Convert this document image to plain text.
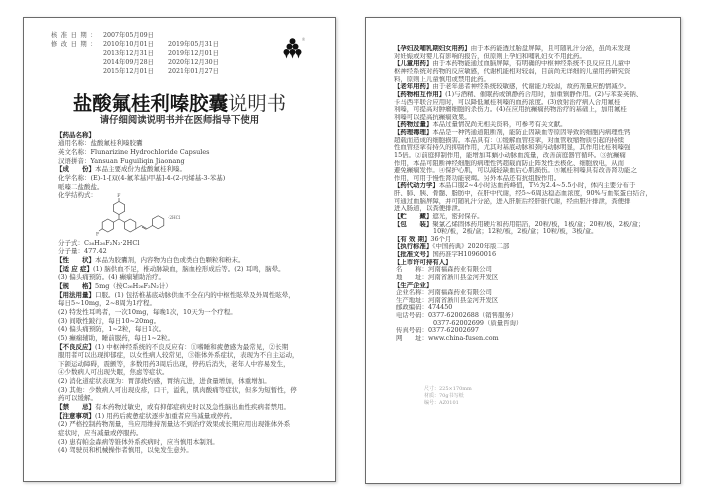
核准日期： 2007年05月09日
修改日期： 2010年10月01日 2019年05月31日
2013年12月31日 2019年12月01日
2014年09月28日 2020年12月30日
2015年12月01日 2021年01月27日
®
盐酸氟桂利嗪胶囊说明书
请仔细阅读说明书并在医师指导下使用
F
F
·2HCl
【药品名称】
通用名称：盐酸氟桂利嗪胶囊
英文名称：Flunarizine Hydrochloride Capsules
汉语拼音：Yansuan Fuguiliqin Jiaonang
【成　　份】本品主要成份为盐酸氟桂利嗪。
化学名称：(E)-1-[双(4-氟苯基)甲基]-4-(2-丙烯基-3-苯基)
哌嗪二盐酸盐。
化学结构式：
分子式：C₂₆H₂₆F₂N₂·2HCl
分子量：477.42
【性　　状】本品为胶囊剂，内容物为白色或类白色颗粒和粉末。
【适 应 症】(1) 脑供血不足，椎动脉缺血，脑血栓形成后等。(2) 耳鸣，脑晕。
(3) 偏头痛预防。(4) 癫痫辅助治疗。
【规　　格】5mg（按C₂₆H₂₆F₂N₂计）
【用法用量】口服。(1) 包括椎基底动脉供血不全在内的中枢性眩晕及外周性眩晕，
每日5~10mg，2~8周为1疗程。
(2) 特发性耳鸣者，一次10mg，每晚1次，10天为一个疗程。
(3) 间歇性跛行，每日10~20mg。
(4) 偏头痛预防，1~2粒，每日1次。
(5) 癫痫辅助，睡前服药，每日1~2粒。
【不良反应】(1) 中枢神经系统的不良反应有：①嗜睡和疲惫感为最常见，②长期
服用者可以出现抑郁症，以女性病人较常见，③锥体外系症状，表现为不自主运动，
下颌运动障碍，震颤等，多数用药3周后出现，停药后消失，老年人中容易发生，
④少数病人可出现失眠，焦虑等症状。
(2) 消化道症状表现为：胃部烧灼感，胃纳亢进，进食量增加，体重增加。
(3) 其他：少数病人可出现皮疹，口干，溢乳，肌肉酸痛等症状，但多为短暂性，停
药可以缓解。
【禁　　忌】有本药物过敏史，或有抑郁症病史时以及急性脑出血性疾病者禁用。
【注意事项】(1) 用药后疲惫症状逐步加重者应当减量或停药。
(2) 严格控制药物剂量，当应用维持剂量达不到治疗效果或长期应用出现锥体外系
症状时，应当减量或停服药。
(3) 患有帕金森病等锥体外系疾病时，应当慎用本制剂。
(4) 驾驶员和机械操作者慎用，以免发生意外。
【孕妇及哺乳期妇女用药】由于本药能透过胎盘屏障，且可随乳汁分泌，虽尚未发现
对妊娠或对婴儿有影响的报告，但原则上孕妇和哺乳妇女不用此药。
【儿童用药】由于本药物能通过血脑屏障，有明确的中枢神经系统不良反应且儿童中
枢神经系统对药物的反应敏感，代谢机能相对较弱，目前尚无详细的儿童用药研究资
料，原则上儿童慎用或禁用此药。
【老年用药】由于老年患者神经系统较敏感，代谢能力较弱，故药剂量应酌情减少。
【药物相互作用】(1)与酒精、催眠药或镇静药合用时，加重镇静作用。(2)与苯妥英钠、
卡马西平联合应用时，可以降低氟桂利嗪的血药浓度。(3)放射治疗病人合用氟桂
利嗪，可提高对肿瘤细胞的杀伤力。(4)在应用抗癫痫药物治疗的基础上，加用氟桂
利嗪可以提高抗癫痫效果。
【药物过量】本品过量情况尚无相关资料，可参考有关文献。
【药理毒理】本品是一种钙通道阻断剂，能防止因缺血等原因导致的细胞内病理性钙
超载而造成的细胞损害。本品具有：①缓解血管痉挛，对血管收缩物质引起的持续
性血管痉挛有持久的抑制作用，尤其对基底动脉和颈内动脉明显，其作用比桂利嗪强
15倍。②前庭抑制作用，能增加耳蜗小动脉血流量，改善前庭器官循环。③抗癫痫
作用，本品可阻断神经细胞的病理性钙超载而防止阵发性去极化、细胞放电，从而
避免癫痫发作。④保护心肌，可以减轻缺血后心肌损伤。⑤氟桂利嗪具有改善肾功能之
作用，可用于慢性肾功能衰竭。另外本品还有抗组胺作用。
【药代动力学】本品口服2~4小时达血药峰值，T½为2.4~5.5小时，体内主要分布于
肝、肺、胰、骨髓、脂肪中，在肝中代谢，经5~6周达稳态血浓度，90%与血浆蛋白结合，
可通过血脑屏障，并可随乳汁分泌，进入肝脏后经肝脏代谢，经由胆汁排泄，粪便排
进入肠道，以粪便排泄。
【贮　　藏】遮光，密封保存。
【包　　装】聚氯乙烯固体药用硬片和药用铝箔，20粒/板，1板/盒；20粒/板，2板/盒；
10粒/板，2板/盒；12粒/板，2板/盒；10粒/板，3板/盒。
【有 效 期】36个月
【执行标准】《中国药典》2020年版二部
【批准文号】国药准字H10960016
【上市许可持有人】
名　　称：河南福森药业有限公司
地　　址：河南省淅川县金河开发区
【生产企业】
企业名称：河南福森药业有限公司
生产地址：河南省淅川县金河开发区
邮政编码：474450
电话号码：0377-62002688（销售服务）
0377-62002699（质量咨询）
传真号码：0377-62002697
网　　址：www.china-fusen.com
尺寸：225×170mm
材质：70g书写纸
编号：AZ0101
